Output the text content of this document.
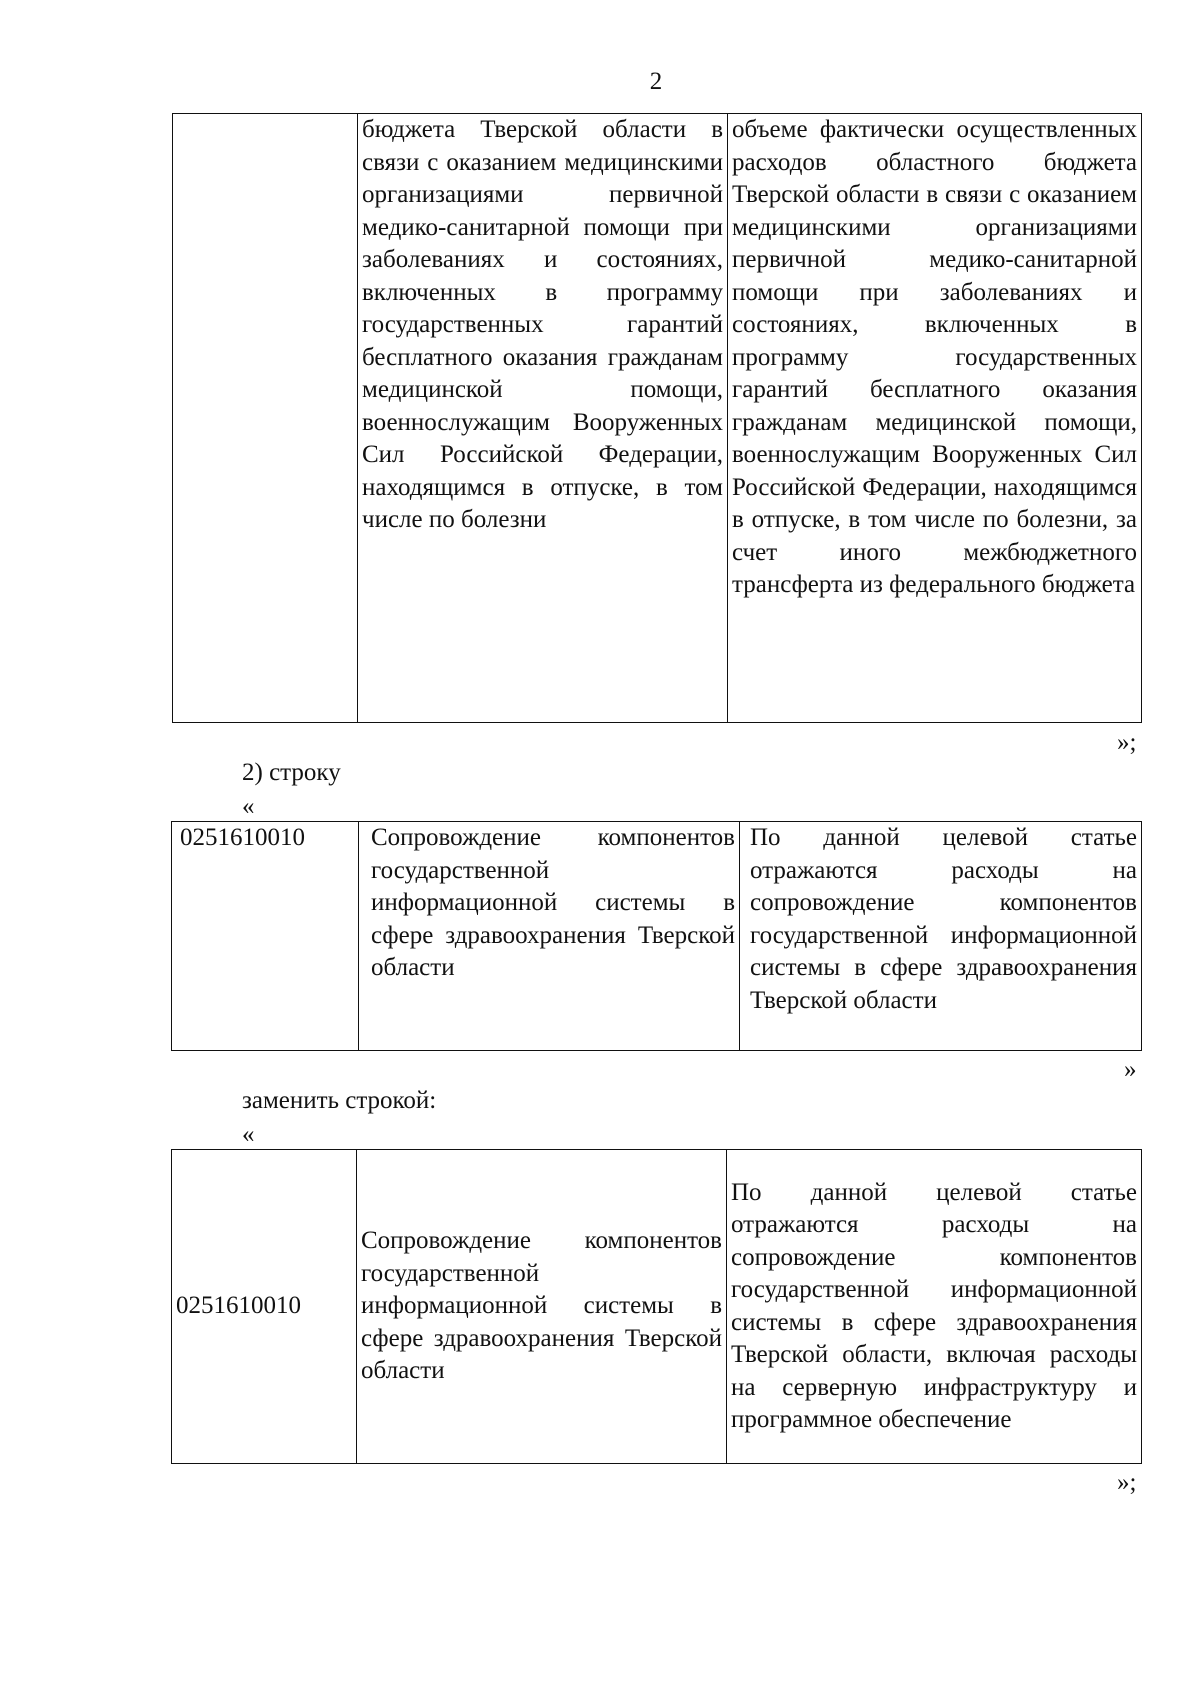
2
	бюджета Тверской области в связи с оказанием медицинскими организациями первичной медико-санитарной помощи при заболеваниях и состояниях, включенных в программу государственных гарантий бесплатного оказания гражданам медицинской помощи, военнослужащим Вооруженных Сил Российской Федерации, находящимся в отпуске, в том числе по болезни	объеме фактически осуществленных расходов областного бюджета Тверской области в связи с оказанием медицинскими организациями первичной медико-санитарной помощи при заболеваниях и состояниях, включенных в программу государственных гарантий бесплатного оказания гражданам медицинской помощи, военнослужащим Вооруженных Сил Российской Федерации, находящимся в отпуске, в том числе по болезни, за счет иного межбюджетного трансферта из федерального бюджета
»;
2) строку
«
0251610010	Сопровождение компонентов государственной информационной системы в сфере здравоохранения Тверской области	По данной целевой статье отражаются расходы на сопровождение компонентов государственной информационной системы в сфере здравоохранения Тверской области
»
заменить строкой:
«
0251610010	Сопровождение компонентов государственной информационной системы в сфере здравоохранения Тверской области	По данной целевой статье отражаются расходы на сопровождение компонентов государственной информационной системы в сфере здравоохранения Тверской области, включая расходы на серверную инфраструктуру и программное обеспечение
»;
